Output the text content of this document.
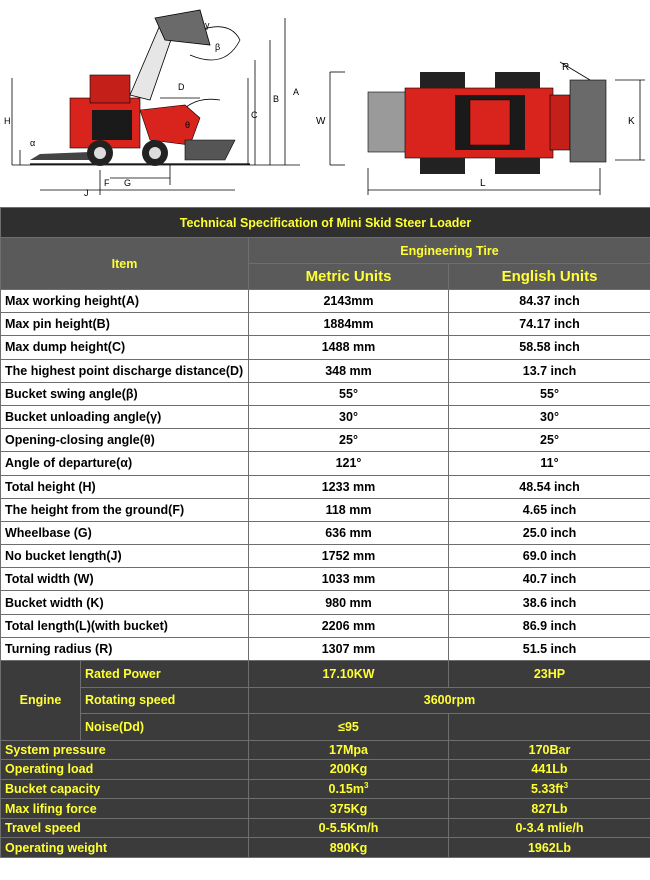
A
B
C
D
H
J
F G
β
γ
α
θ	W
L
K
R
Technical Specification of Mini Skid Steer Loader			
Item		Engineering Tire	
		Metric Units	English Units
Max working height(A)		2143mm	84.37 inch
Max pin height(B)		1884mm	74.17 inch
Max dump height(C)		1488 mm	58.58 inch
The highest point discharge distance(D)		348 mm	13.7 inch
Bucket swing angle(β)		55°	55°
Bucket unloading angle(γ)		30°	30°
Opening-closing angle(θ)		25°	25°
Angle of departure(α)		121°	11°
Total height (H)		1233 mm	48.54 inch
The height from the ground(F)		118 mm	4.65 inch
Wheelbase (G)		636 mm	25.0 inch
No bucket length(J)		1752 mm	69.0 inch
Total width (W)		1033 mm	40.7 inch
Bucket width (K)		980 mm	38.6 inch
Total length(L)(with bucket)		2206 mm	86.9 inch
Turning radius (R)		1307 mm	51.5 inch
Engine	Rated Power	17.10KW	23HP
	Rotating speed	3600rpm	
	Noise(Dd)	≤95	
System pressure		17Mpa	170Bar
Operating load		200Kg	441Lb
Bucket capacity		$0.15m^3$	$5.33ft^3$
Max lifing force		375Kg	827Lb
Travel speed		0-5.5Km/h	0-3.4 mlie/h
Operating weight		890Kg	1962Lb
